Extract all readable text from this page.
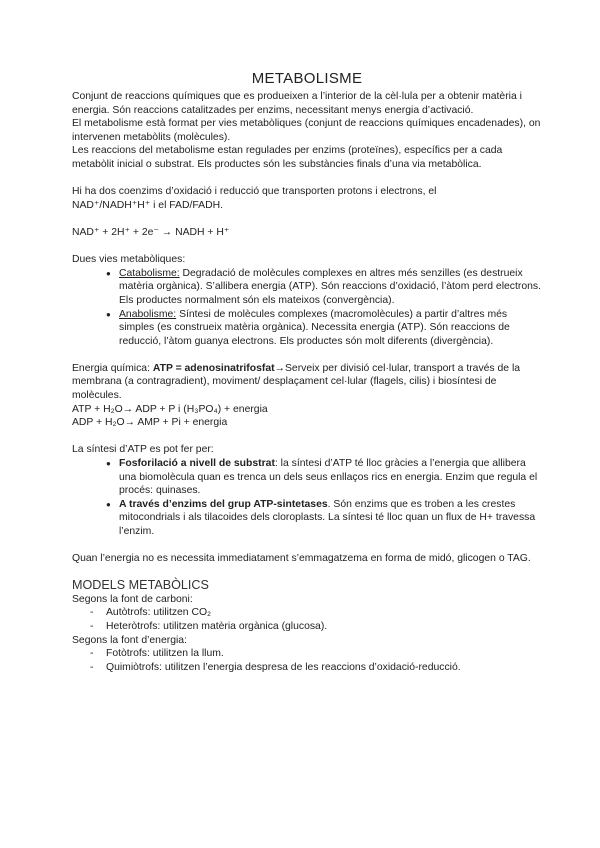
METABOLISME

Conjunt de reaccions químiques que es produeixen a l’interior de la cèl·lula per a obtenir matèria i energia. Són reaccions catalitzades per enzims, necessitant menys energia d’activació.

El metabolisme està format per vies metabòliques (conjunt de reaccions químiques encadenades), on intervenen metabòlits (molècules).

Les reaccions del metabolisme estan regulades per enzims (proteïnes), específics per a cada metabòlit inicial o substrat. Els productes són les substàncies finals d’una via metabòlica.

Hi ha dos coenzims d’oxidació i reducció que transporten protons i electrons, el

NAD⁺/NADH⁺H⁺ i el FAD/FADH.

NAD⁺ + 2H⁺ + 2e⁻ → NADH + H⁺

Dues vies metabòliques:

● Catabolisme: Degradació de molècules complexes en altres més senzilles (es destrueix matèria orgànica). S’allibera energia (ATP). Són reaccions d’oxidació, l’àtom perd electrons. Els productes normalment són els mateixos (convergència).
● Anabolisme: Síntesi de molècules complexes (macromolècules) a partir d’altres més simples (es construeix matèria orgànica). Necessita energia (ATP). Són reaccions de reducció, l’àtom guanya electrons. Els productes són molt diferents (divergència).

Energia química: ATP = adenosinatrifosfat→Serveix per divisió cel·lular, transport a través de la membrana (a contragradient), moviment/ desplaçament cel·lular (flagels, cilis) i biosíntesi de molècules.

ATP + H₂O→ ADP + P i (H₃PO₄) + energia

ADP + H₂O→ AMP + Pi + energia

La síntesi d’ATP es pot fer per:

● Fosforilació a nivell de substrat: la síntesi d’ATP té lloc gràcies a l’energia que allibera una biomolècula quan es trenca un dels seus enllaços rics en energia. Enzim que regula el procés: quinases.
● A través d’enzims del grup ATP-sintetases. Són enzims que es troben a les crestes mitocondrials i als tilacoides dels cloroplasts. La síntesi té lloc quan un flux de H+ travessa l’enzim.

Quan l’energia no es necessita immediatament s’emmagatzema en forma de midó, glicogen o TAG.

MODELS METABÒLICS

Segons la font de carboni:

- Autòtrofs: utilitzen CO₂
- Heteròtrofs: utilitzen matèria orgànica (glucosa).

Segons la font d’energia:

- Fotòtrofs: utilitzen la llum.
- Quimiòtrofs: utilitzen l’energia despresa de les reaccions d’oxidació-reducció.
